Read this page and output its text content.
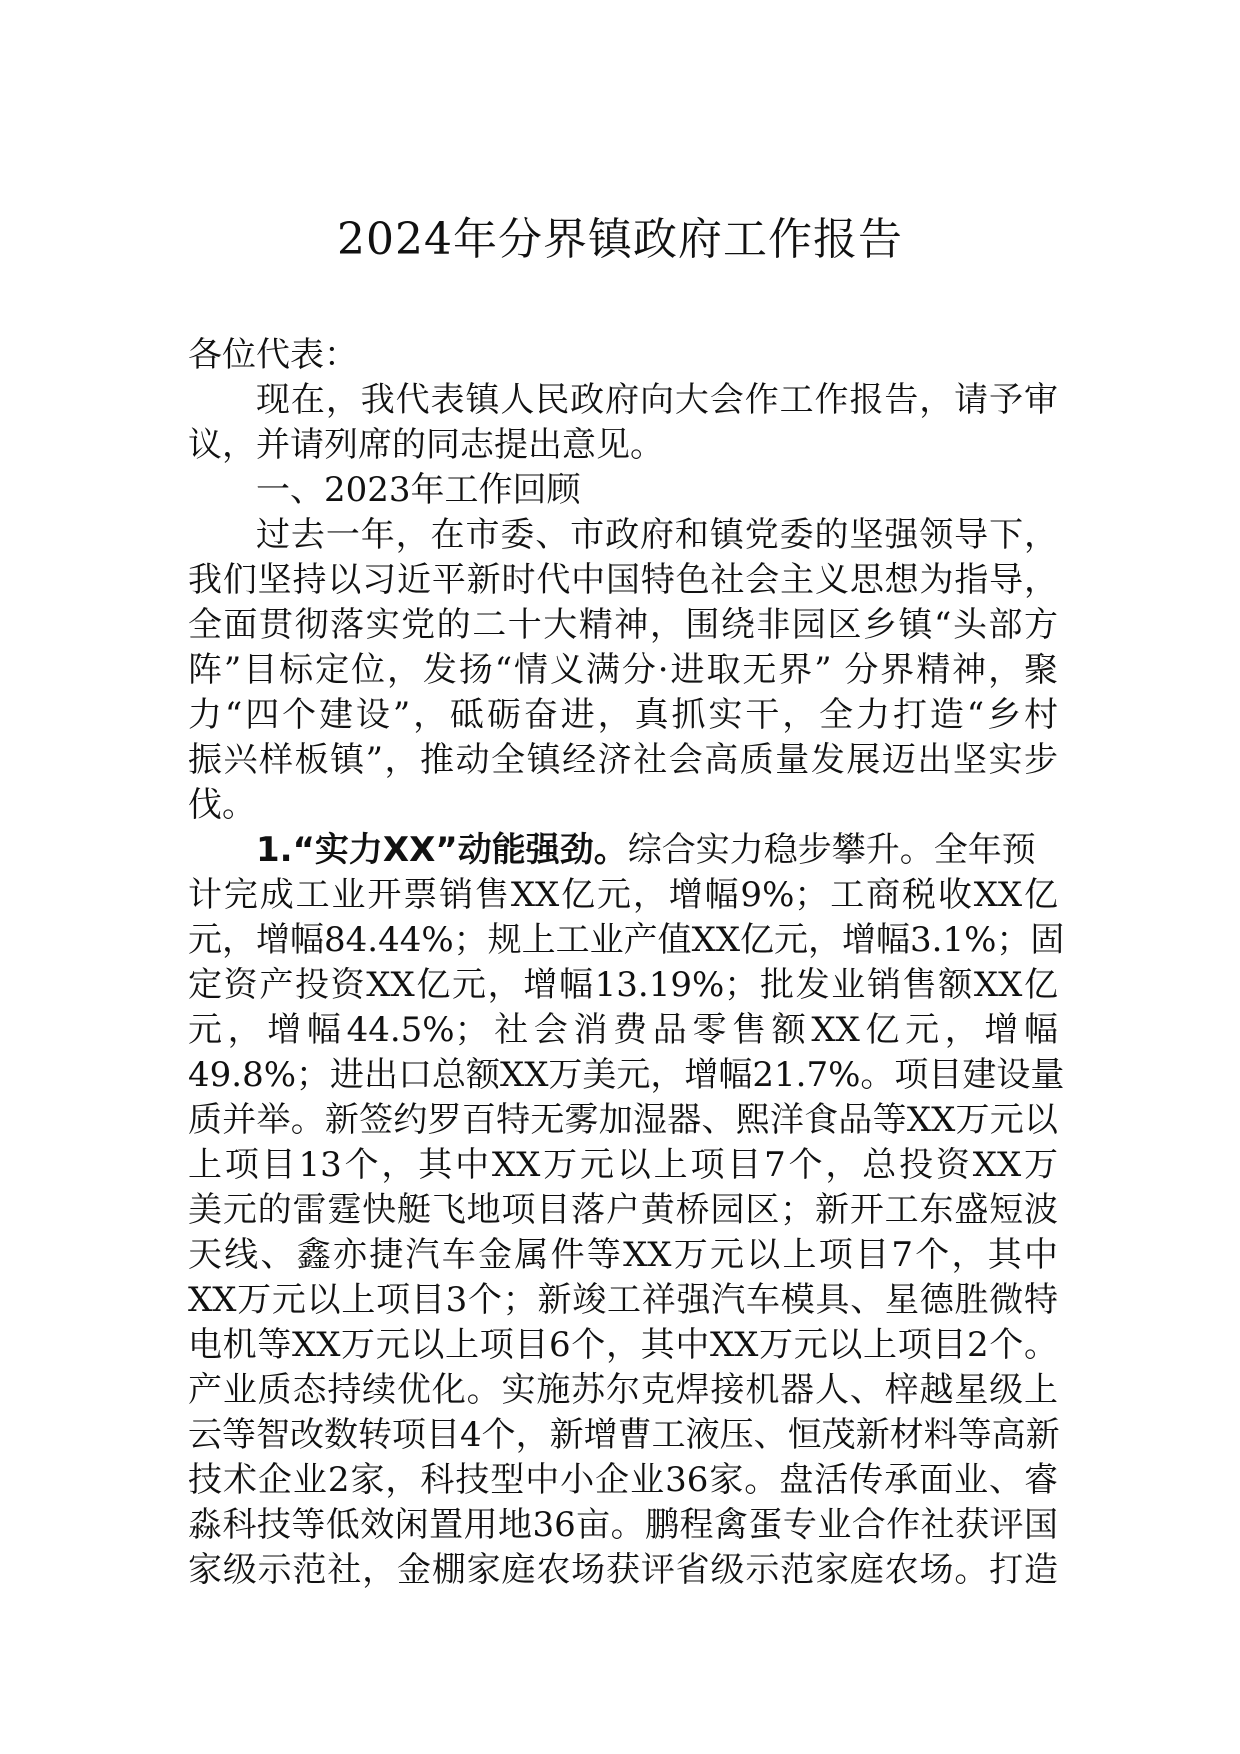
2024年分界镇政府工作报告
各位代表：
现在，我代表镇人民政府向大会作工作报告，请予审
议，并请列席的同志提出意见。
一、2023年工作回顾
过去一年，在市委、市政府和镇党委的坚强领导下，
我们坚持以习近平新时代中国特色社会主义思想为指导，
全面贯彻落实党的二十大精神，围绕非园区乡镇“头部方
阵”目标定位，发扬“情义满分·进取无界” 分界精神，聚
力“四个建设”，砥砺奋进，真抓实干，全力打造“乡村
振兴样板镇”，推动全镇经济社会高质量发展迈出坚实步
伐。
1.“实力XX”动能强劲。综合实力稳步攀升。全年预
计完成工业开票销售XX亿元，增幅9%；工商税收XX亿
元，增幅84.44%；规上工业产值XX亿元，增幅3.1%；固
定资产投资XX亿元，增幅13.19%；批发业销售额XX亿
元，增幅44.5%；社会消费品零售额XX亿元，增幅
49.8%；进出口总额XX万美元，增幅21.7%。项目建设量
质并举。新签约罗百特无雾加湿器、熙洋食品等XX万元以
上项目13个，其中XX万元以上项目7个，总投资XX万
美元的雷霆快艇飞地项目落户黄桥园区；新开工东盛短波
天线、鑫亦捷汽车金属件等XX万元以上项目7个，其中
XX万元以上项目3个；新竣工祥强汽车模具、星德胜微特
电机等XX万元以上项目6个，其中XX万元以上项目2个。
产业质态持续优化。实施苏尔克焊接机器人、梓越星级上
云等智改数转项目4个，新增曹工液压、恒茂新材料等高新
技术企业2家，科技型中小企业36家。盘活传承面业、睿
淼科技等低效闲置用地36亩。鹏程禽蛋专业合作社获评国
家级示范社，金棚家庭农场获评省级示范家庭农场。打造
